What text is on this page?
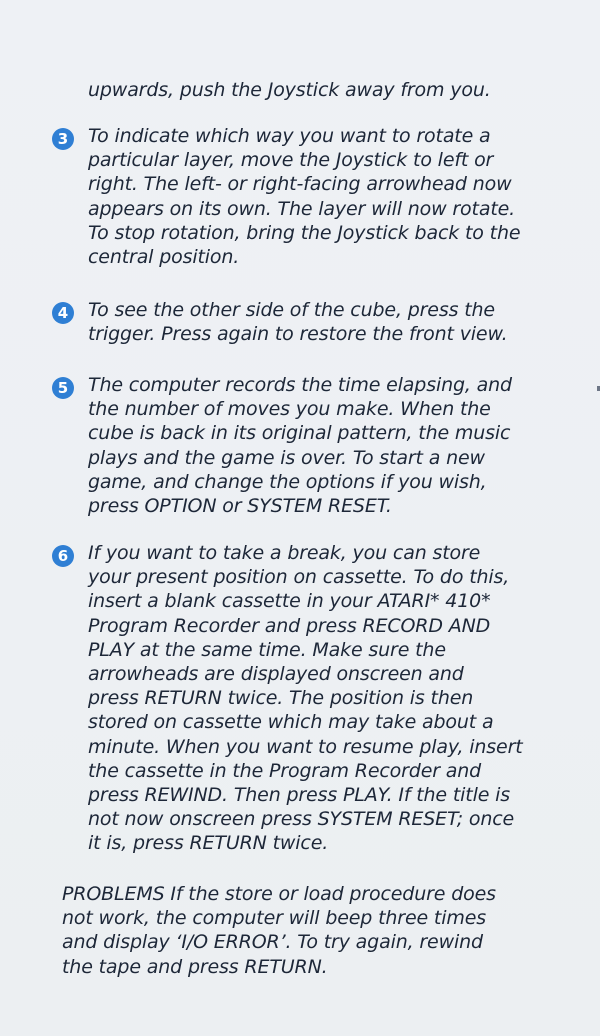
upwards, push the Joystick away from you.
3	To indicate which way you want to rotate a
particular layer, move the Joystick to left or
right. The left- or right-facing arrowhead now
appears on its own. The layer will now rotate.
To stop rotation, bring the Joystick back to the
central position.
4	To see the other side of the cube, press the
trigger. Press again to restore the front view.
5	The computer records the time elapsing, and
the number of moves you make. When the
cube is back in its original pattern, the music
plays and the game is over. To start a new
game, and change the options if you wish,
press OPTION or SYSTEM RESET.
6	If you want to take a break, you can store
your present position on cassette. To do this,
insert a blank cassette in your ATARI* 410*
Program Recorder and press RECORD AND
PLAY at the same time. Make sure the
arrowheads are displayed onscreen and
press RETURN twice. The position is then
stored on cassette which may take about a
minute. When you want to resume play, insert
the cassette in the Program Recorder and
press REWIND. Then press PLAY. If the title is
not now onscreen press SYSTEM RESET; once
it is, press RETURN twice.
PROBLEMS If the store or load procedure does
not work, the computer will beep three times
and display ‘I/O ERROR’. To try again, rewind
the tape and press RETURN.
